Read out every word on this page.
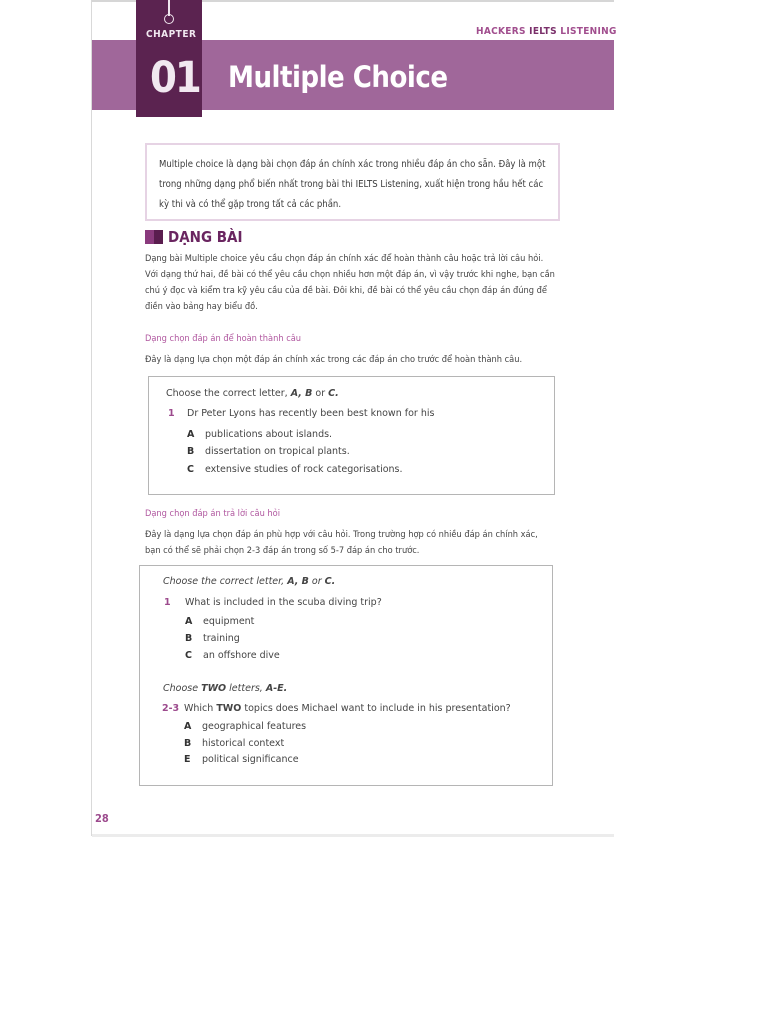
HACKERS IELTS LISTENING
CHAPTER
01 Multiple Choice
Multiple choice là dạng bài chọn đáp án chính xác trong nhiều đáp án cho sẵn. Đây là một trong những dạng phổ biến nhất trong bài thi IELTS Listening, xuất hiện trong hầu hết các kỳ thi và có thể gặp trong tất cả các phần.
DẠNG BÀI
Dạng bài Multiple choice yêu cầu chọn đáp án chính xác để hoàn thành câu hoặc trả lời câu hỏi. Với dạng thứ hai, đề bài có thể yêu cầu chọn nhiều hơn một đáp án, vì vậy trước khi nghe, bạn cần chú ý đọc và kiểm tra kỹ yêu cầu của đề bài. Đôi khi, đề bài có thể yêu cầu chọn đáp án đúng để điền vào bảng hay biểu đồ.
Dạng chọn đáp án để hoàn thành câu
Đây là dạng lựa chọn một đáp án chính xác trong các đáp án cho trước để hoàn thành câu.
Choose the correct letter, A, B or C.
1 Dr Peter Lyons has recently been best known for his
A publications about islands.
B dissertation on tropical plants.
C extensive studies of rock categorisations.
Dạng chọn đáp án trả lời câu hỏi
Đây là dạng lựa chọn đáp án phù hợp với câu hỏi. Trong trường hợp có nhiều đáp án chính xác, bạn có thể sẽ phải chọn 2-3 đáp án trong số 5-7 đáp án cho trước.
Choose the correct letter, A, B or C.
1 What is included in the scuba diving trip?
A equipment
B training
C an offshore dive
Choose TWO letters, A-E.
2-3 Which TWO topics does Michael want to include in his presentation?
A geographical features
B historical context
E political significance
28
